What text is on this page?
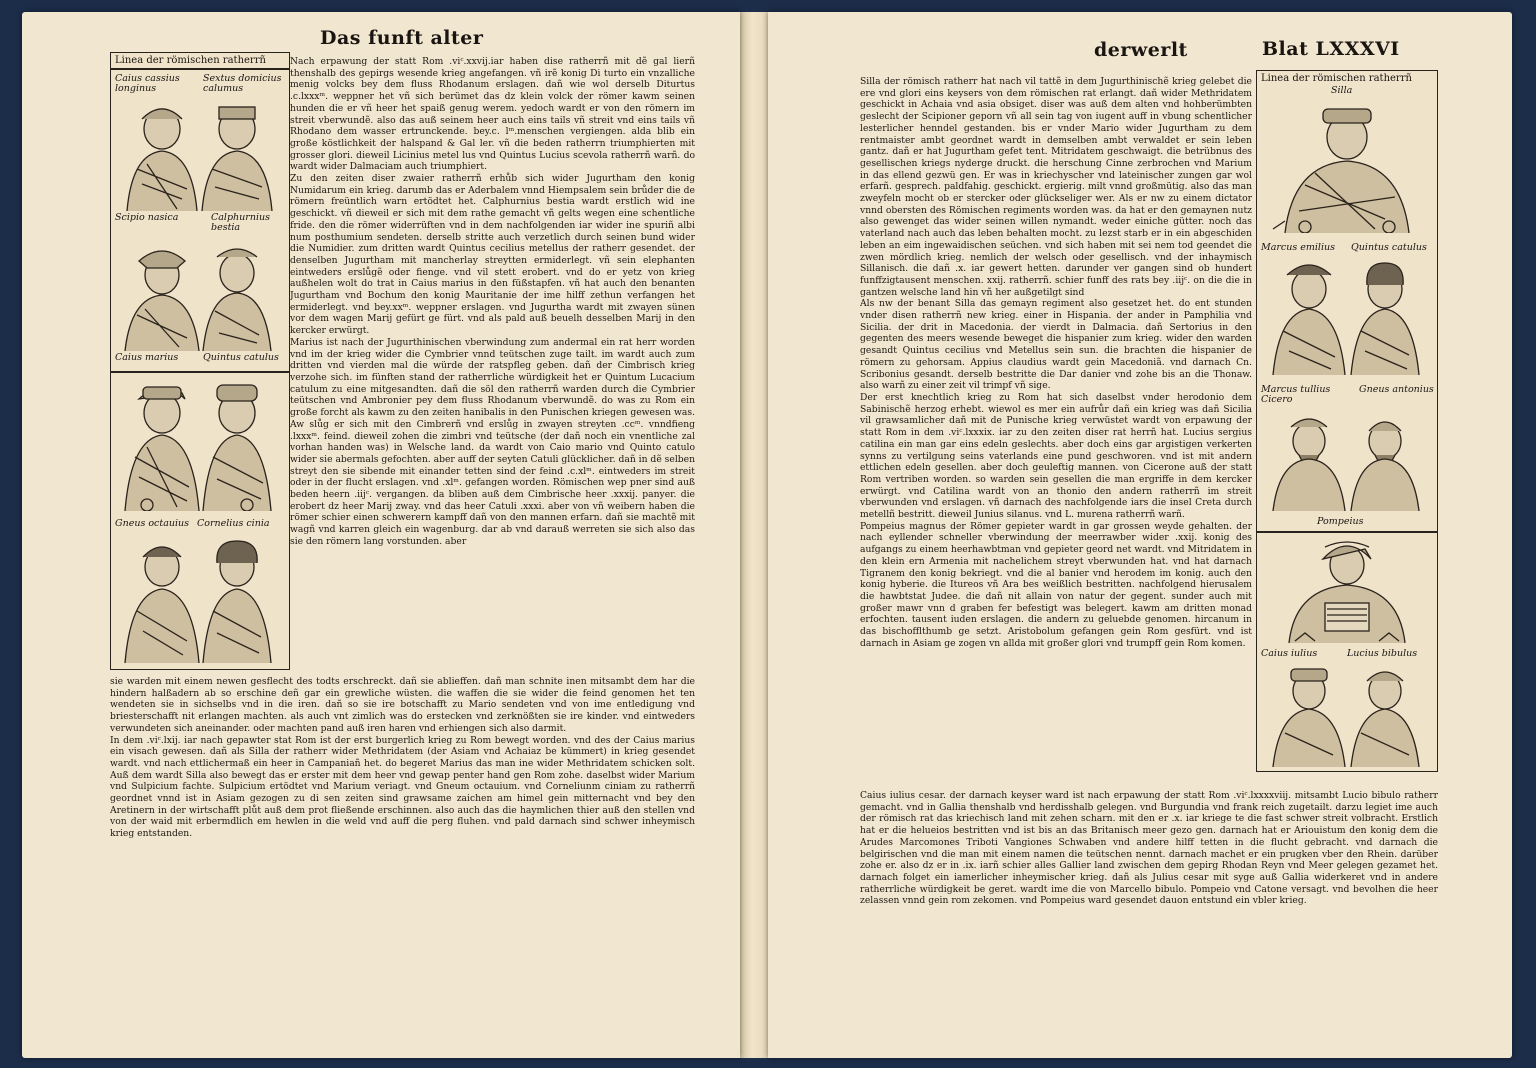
Das funft alter
Linea der römischen ratherrñ
Caius cassius longinus
Sextus domicius calumus
Scipio nasica	Calphurnius bestia
Caius marius	Quintus catulus
Gneus octauius Cornelius cinia

Nach erpawung der statt Rom .viᶜ.xxvij.iar haben dise ratherrñ mit dẽ gal lierñ thenshalb des gepirgs wesende krieg angefangen. vñ irẽ konig Di turto ein vnzalliche menig volcks bey dem fluss Rhodanum erslagen. dañ wie wol derselb Diturtus .c.lxxxᵐ. weppner het vñ sich berümet das dz klein volck der römer kawm seinen hunden die er vñ heer het spaiß genug werem. yedoch wardt er von den römern im streit vberwundẽ. also das auß seinem heer auch eins tails vñ streit vnd eins tails vñ Rhodano dem wasser ertrunckende. bey.c. lᵐ.menschen vergiengen. alda blib ein große köstlichkeit der halspand & Gal ler. vñ die beden ratherrn triumphierten mit grosser glori. dieweil Licinius metel lus vnd Quintus Lucius scevola ratherrñ warñ. do wardt wider Dalmaciam auch triumphiert.

Zu den zeiten diser zwaier ratherrñ erhůb sich wider Jugurtham den konig Numidarum ein krieg. darumb das er Aderbalem vnnd Hiempsalem sein brůder die de römern freüntlich warn ertödtet het. Calphurnius bestia wardt erstlich wid ine geschickt. vñ dieweil er sich mit dem rathe gemacht vñ gelts wegen eine schentliche fride. den die römer widerrüften vnd in dem nachfolgenden iar wider ine spuriñ albi num posthumium sendeten. derselb stritte auch verzetlich durch seinen bund wider die Numidier. zum dritten wardt Quintus cecilius metellus der ratherr gesendet. der denselben Jugurtham mit mancherlay streytten ermiderlegt. vñ sein elephanten eintweders erslůgẽ oder fienge. vnd vil stett erobert. vnd do er yetz von krieg außhelen wolt do trat in Caius marius in den füßstapfen. vñ hat auch den benanten Jugurtham vnd Bochum den konig Mauritanie der ime hilff zethun verfangen het ermiderlegt. vnd bey.xxᵐ. weppner erslagen. vnd Jugurtha wardt mit zwayen sünen vor dem wagen Marij gefürt ge fürt. vnd als pald auß beuelh desselben Marij in den kercker erwürgt.

Marius ist nach der Jugurthinischen vberwindung zum andermal ein rat herr worden vnd im der krieg wider die Cymbrier vnnd teütschen zuge tailt. im wardt auch zum dritten vnd vierden mal die würde der ratspfleg geben. dañ der Cimbrisch krieg verzohe sich. im fünften stand der ratherrliche würdigkeit het er Quintum Lucacium catulum zu eine mitgesandten. dañ die söl den ratherrñ warden durch die Cymbrier teütschen vnd Ambronier pey dem fluss Rhodanum vberwundẽ. do was zu Rom ein große forcht als kawm zu den zeiten hanibalis in den Punischen kriegen gewesen was. Aw slůg er sich mit den Cimbrerñ vnd erslůg in zwayen streyten .ccᵐ. vnndfieng .lxxxᵐ. feind. dieweil zohen die zimbri vnd teütsche (der dañ noch ein vnentliche zal vorhan handen was) in Welsche land. da wardt von Caio mario vnd Quinto catulo wider sie abermals gefochten. aber auff der seyten Catuli glücklicher. dañ in dẽ selben streyt den sie sibende mit einander tetten sind der feind .c.xlᵐ. eintweders im streit oder in der flucht erslagen. vnd .xlᵐ. gefangen worden. Römischen wep pner sind auß beden heern .iijᶜ. vergangen. da bliben auß dem Cimbrische heer .xxxij. panyer. die erobert dz heer Marij zway. vnd das heer Catuli .xxxi. aber von vñ weibern haben die römer schier einen schwerern kampff dañ von den mannen erfarn. dañ sie machtẽ mit wagñ vnd karren gleich ein wagenburg. dar ab vnd darauß werreten sie sich also das sie den römern lang vorstunden. aber

sie warden mit einem newen gesflecht des todts erschreckt. dañ sie ablieffen. dañ man schnite inen mitsambt dem har die hindern halßadern ab so erschine deñ gar ein grewliche wüsten. die waffen die sie wider die feind genomen het ten wendeten sie in sichselbs vnd in die iren. dañ so sie ire botschafft zu Mario sendeten vnd von ime entledigung vnd briesterschafft nit erlangen machten. als auch vnt zimlich was do erstecken vnd zerknößten sie ire kinder. vnd eintweders verwundeten sich aneinander. oder machten pand auß iren haren vnd erhiengen sich also darmit.

In dem .viᶜ.lxij. iar nach gepawter stat Rom ist der erst burgerlich krieg zu Rom bewegt worden. vnd des der Caius marius ein visach gewesen. dañ als Silla der ratherr wider Methridatem (der Asiam vnd Achaiaz be kümmert) in krieg gesendet wardt. vnd nach ettlichermaß ein heer in Campaniañ het. do begeret Marius das man ine wider Methridatem schicken solt. Auß dem wardt Silla also bewegt das er erster mit dem heer vnd gewap penter hand gen Rom zohe. daselbst wider Marium vnd Sulpicium fachte. Sulpicium ertödtet vnd Marium veriagt. vnd Gneum octauium. vnd Corneliunm ciniam zu ratherrñ geordnet vnnd ist in Asiam gezogen zu di sen zeiten sind grawsame zaichen am himel gein mitternacht vnd bey den Aretinern in der wirtschafft plůt auß dem prot fließende erschinnen. also auch das die haymlichen thier auß den stellen vnd von der waid mit erbermdlich em hewlen in die weld vnd auff die perg fluhen. vnd pald darnach sind schwer inheymisch krieg entstanden.

derwerlt	Blat LXXXVI

Silla der römisch ratherr hat nach vil tattẽ in dem Jugurthinischẽ krieg gelebet die ere vnd glori eins keysers von dem römischen rat erlangt. dañ wider Methridatem geschickt in Achaia vnd asia obsiget. diser was auß dem alten vnd hohberümbten geslecht der Scipioner geporn vñ all sein tag von iugent auff in vbung schentlicher lesterlicher henndel gestanden. bis er vnder Mario wider Jugurtham zu dem rentmaister ambt geordnet wardt in demselben ambt verwaldet er sein leben gantz. dañ er hat Jugurtham gefet tent. Mitridatem geschwaigt. die betrübnus des gesellischen kriegs nyderge druckt. die herschung Cinne zerbrochen vnd Marium in das ellend gezwü gen. Er was in kriechyscher vnd lateinischer zungen gar wol erfarñ. gesprech. paldfahig. geschickt. ergierig. milt vnnd großmütig. also das man zweyfeln mocht ob er stercker oder glückseliger wer. Als er nw zu einem dictator vnnd obersten des Römischen regiments worden was. da hat er den gemaynen nutz also gewenget das wider seinen willen nymandt. weder einiche gütter. noch das vaterland nach auch das leben behalten mocht. zu lezst starb er in ein abgeschiden leben an eim ingewaidischen seüchen. vnd sich haben mit sei nem tod geendet die zwen mördlich krieg. nemlich der welsch oder gesellisch. vnd der inhaymisch Sillanisch. die dañ .x. iar gewert hetten. darunder ver gangen sind ob hundert funffzigtausent menschen. xxij. ratherrñ. schier funff des rats bey .iijᶜ. on die die in gantzen welsche land hin vñ her außgetilgt sind

Als nw der benant Silla das gemayn regiment also gesetzet het. do ent stunden vnder disen ratherrñ new krieg. einer in Hispania. der ander in Pamphilia vnd Sicilia. der drit in Macedonia. der vierdt in Dalmacia. dañ Sertorius in den gegenten des meers wesende beweget die hispanier zum krieg. wider den warden gesandt Quintus cecilius vnd Metellus sein sun. die brachten die hispanier de römern zu gehorsam. Appius claudius wardt gein Macedoniã. vnd darnach Cn. Scribonius gesandt. derselb bestritte die Dar danier vnd zohe bis an die Thonaw. also warñ zu einer zeit vil trimpf vñ sige.

Der erst knechtlich krieg zu Rom hat sich daselbst vnder herodonio dem Sabinischẽ herzog erhebt. wiewol es mer ein aufrůr dañ ein krieg was dañ Sicilia vil grawsamlicher dañ mit de Punische krieg verwüstet wardt von erpawung der statt Rom in dem .viᶜ.lxxxix. iar zu den zeiten diser rat herrñ hat. Lucius sergius catilina ein man gar eins edeln geslechts. aber doch eins gar argistigen verkerten synns zu vertilgung seins vaterlands eine pund geschworen. vnd ist mit andern ettlichen edeln gesellen. aber doch geuleftig mannen. von Cicerone auß der statt Rom vertriben worden. so warden sein gesellen die man ergriffe in dem kercker erwürgt. vnd Catilina wardt von an thonio den andern ratherrñ im streit vberwunden vnd erslagen. vñ darnach des nachfolgende iars die insel Creta durch metellñ bestritt. dieweil Junius silanus. vnd L. murena ratherrñ warñ.

Pompeius magnus der Römer gepieter wardt in gar grossen weyde gehalten. der nach eyllender schneller vberwindung der meerrawber wider .xxij. konig des aufgangs zu einem heerhawbtman vnd gepieter geord net wardt. vnd Mitridatem in den klein ern Armenia mit nachelichem streyt vberwunden hat. vnd hat darnach Tigranem den konig bekriegt. vnd die al banier vnd herodem im konig. auch den konig hyberie. die Itureos vñ Ara bes weißlich bestritten. nachfolgend hierusalem die hawbtstat Judee. die dañ nit allain von natur der gegent. sunder auch mit großer mawr vnn d graben fer befestigt was belegert. kawm am dritten monad erfochten. tausent iuden erslagen. die andern zu geluebde genomen. hircanum in das bischofflthumb ge setzt. Aristobolum gefangen gein Rom gesfürt. vnd ist darnach in Asiam ge zogen vn allda mit großer glori vnd trumpff gein Rom komen.

Linea der römischen ratherrñ
Silla
Marcus emilius Quintus catulus
Marcus tullius Cicero
Gneus antonius
Pompeius
Caius iulius	Lucius bibulus

Caius iulius cesar. der darnach keyser ward ist nach erpawung der statt Rom .viᶜ.lxxxxviij. mitsambt Lucio bibulo ratherr gemacht. vnd in Gallia thenshalb vnd herdisshalb gelegen. vnd Burgundia vnd frank reich zugetailt. darzu legiet ime auch der römisch rat das kriechisch land mit zehen scharn. mit den er .x. iar kriege te die fast schwer streit volbracht. Erstlich hat er die helueios bestritten vnd ist bis an das Britanisch meer gezo gen. darnach hat er Ariouistum den konig dem die Arudes Marcomones Triboti Vangiones Schwaben vnd andere hilff tetten in die flucht gebracht. vnd darnach die belgirischen vnd die man mit einem namen die teütschen nennt. darnach machet er ein prugken vber den Rhein. darüber zohe er. also dz er in .ix. iarñ schier alles Gallier land zwischen dem gepirg Rhodan Reyn vnd Meer gelegen gezamet het. darnach folget ein iamerlicher inheymischer krieg. dañ als Julius cesar mit syge auß Gallia widerkeret vnd in andere ratherrliche würdigkeit be geret. wardt ime die von Marcello bibulo. Pompeio vnd Catone versagt. vnd bevolhen die heer zelassen vnnd gein rom zekomen. vnd Pompeius ward gesendet dauon entstund ein vbler krieg.
